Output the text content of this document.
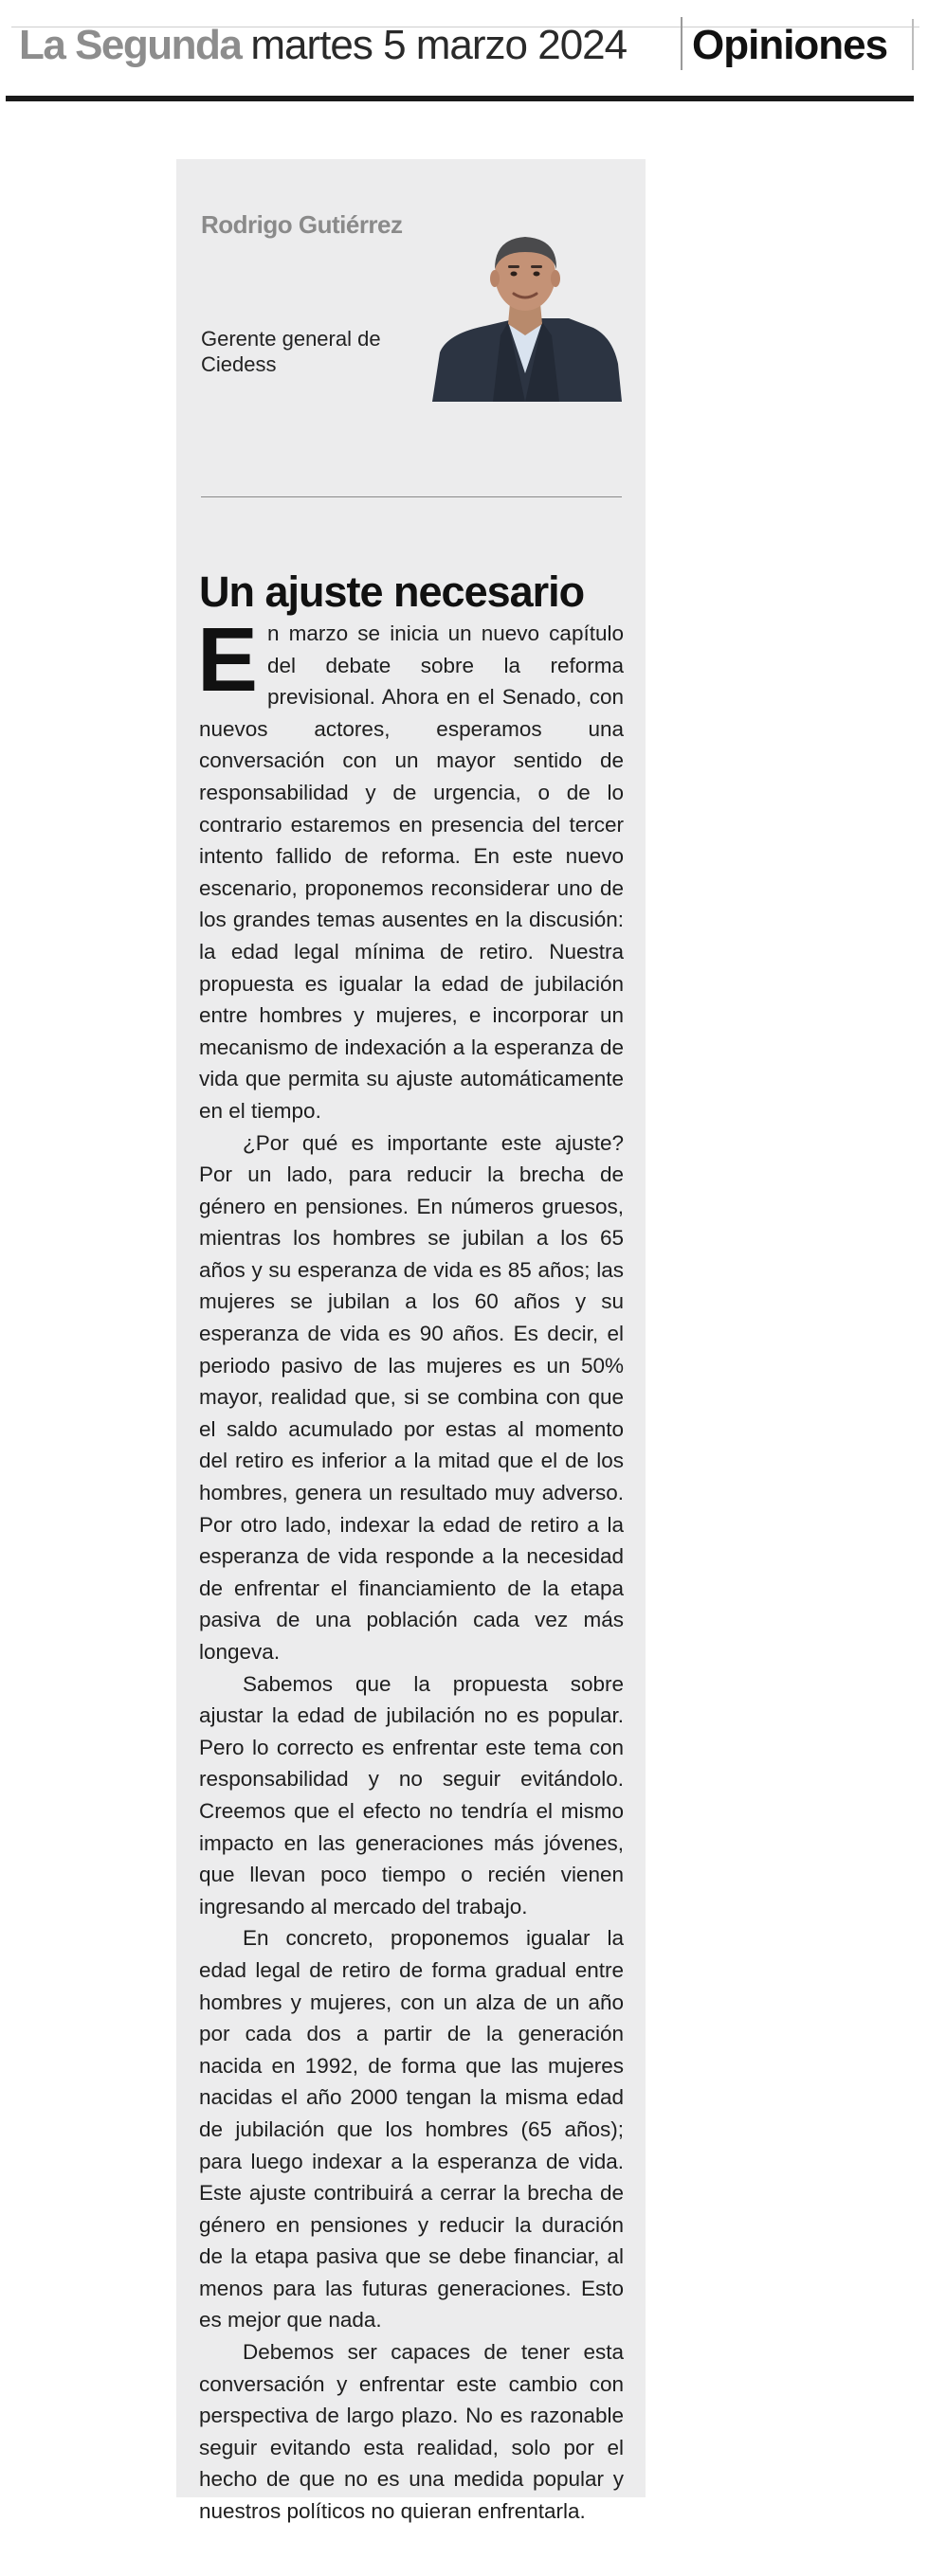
La Segunda martes 5 marzo 2024 Opiniones
Rodrigo Gutiérrez
Gerente general de Ciedess
Un ajuste necesario

En marzo se inicia un nuevo capítulo del debate sobre la reforma previsional. Ahora en el Senado, con nuevos actores, esperamos una conversación con un mayor sentido de responsabilidad y de urgencia, o de lo contrario estaremos en presencia del tercer intento fallido de reforma. En este nuevo escenario, proponemos reconsiderar uno de los grandes temas ausentes en la discusión: la edad legal mínima de retiro. Nuestra propuesta es igualar la edad de jubilación entre hombres y mujeres, e incorporar un mecanismo de indexación a la esperanza de vida que permita su ajuste automáticamente en el tiempo.

¿Por qué es importante este ajuste? Por un lado, para reducir la brecha de género en pensiones. En números gruesos, mientras los hombres se jubilan a los 65 años y su esperanza de vida es 85 años; las mujeres se jubilan a los 60 años y su esperanza de vida es 90 años. Es decir, el periodo pasivo de las mujeres es un 50% mayor, realidad que, si se combina con que el saldo acumulado por estas al momento del retiro es inferior a la mitad que el de los hombres, genera un resultado muy adverso. Por otro lado, indexar la edad de retiro a la esperanza de vida responde a la necesidad de enfrentar el financiamiento de la etapa pasiva de una población cada vez más longeva.

Sabemos que la propuesta sobre ajustar la edad de jubilación no es popular. Pero lo correcto es enfrentar este tema con responsabilidad y no seguir evitándolo. Creemos que el efecto no tendría el mismo impacto en las generaciones más jóvenes, que llevan poco tiempo o recién vienen ingresando al mercado del trabajo.

En concreto, proponemos igualar la edad legal de retiro de forma gradual entre hombres y mujeres, con un alza de un año por cada dos a partir de la generación nacida en 1992, de forma que las mujeres nacidas el año 2000 tengan la misma edad de jubilación que los hombres (65 años); para luego indexar a la esperanza de vida. Este ajuste contribuirá a cerrar la brecha de género en pensiones y reducir la duración de la etapa pasiva que se debe financiar, al menos para las futuras generaciones. Esto es mejor que nada.

Debemos ser capaces de tener esta conversación y enfrentar este cambio con perspectiva de largo plazo. No es razonable seguir evitando esta realidad, solo por el hecho de que no es una medida popular y nuestros políticos no quieran enfrentarla.
